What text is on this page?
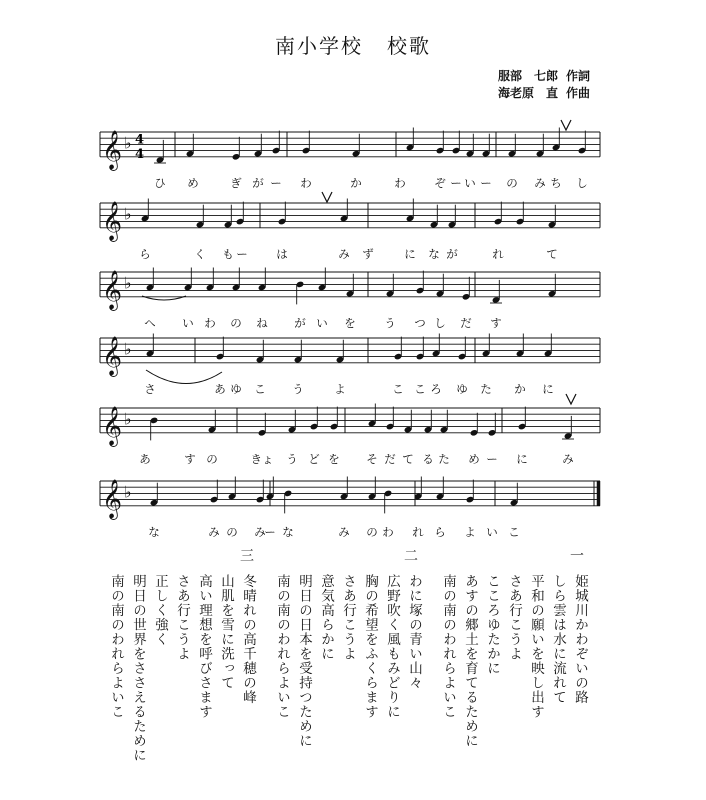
南小学校 校歌
服部　七郎 作詞
海老原　直 作曲
𝄞 ♭ 4
4
ひ め	ぎ が ー わ	か	わ ぞ ー い ー の み ち し
𝄞 ♭
ら	く も ー は	み ず	に な が	れ	て
𝄞 ♭
へ い わ の ね が い を う つ し だ す
𝄞 ♭
さ	あ ゆ こ う	よ	こ こ ろ ゆ た か に
𝄞 ♭
あ	す の	きょ う ど を そ だ て る た め ー に	み
𝄞 ♭
な	み の み
ー な	み の わ れ ら よ い こ
一
姫城川かわぞいの路
しら雲は水に流れて
平和の願いを映し出す
さあ行こうよ
こころゆたかに
あすの郷土を育てるために
南の南のわれらよいこ
二
わに塚の青い山々
広野吹く風もみどりに
胸の希望をふくらます
さあ行こうよ
意気高らかに
明日の日本を受持つために
南の南のわれらよいこ
三
冬晴れの高千穂の峰
山肌を雪に洗って
高い理想を呼びさます
さあ行こうよ
正しく強く
明日の世界をささえるために
南の南のわれらよいこ
